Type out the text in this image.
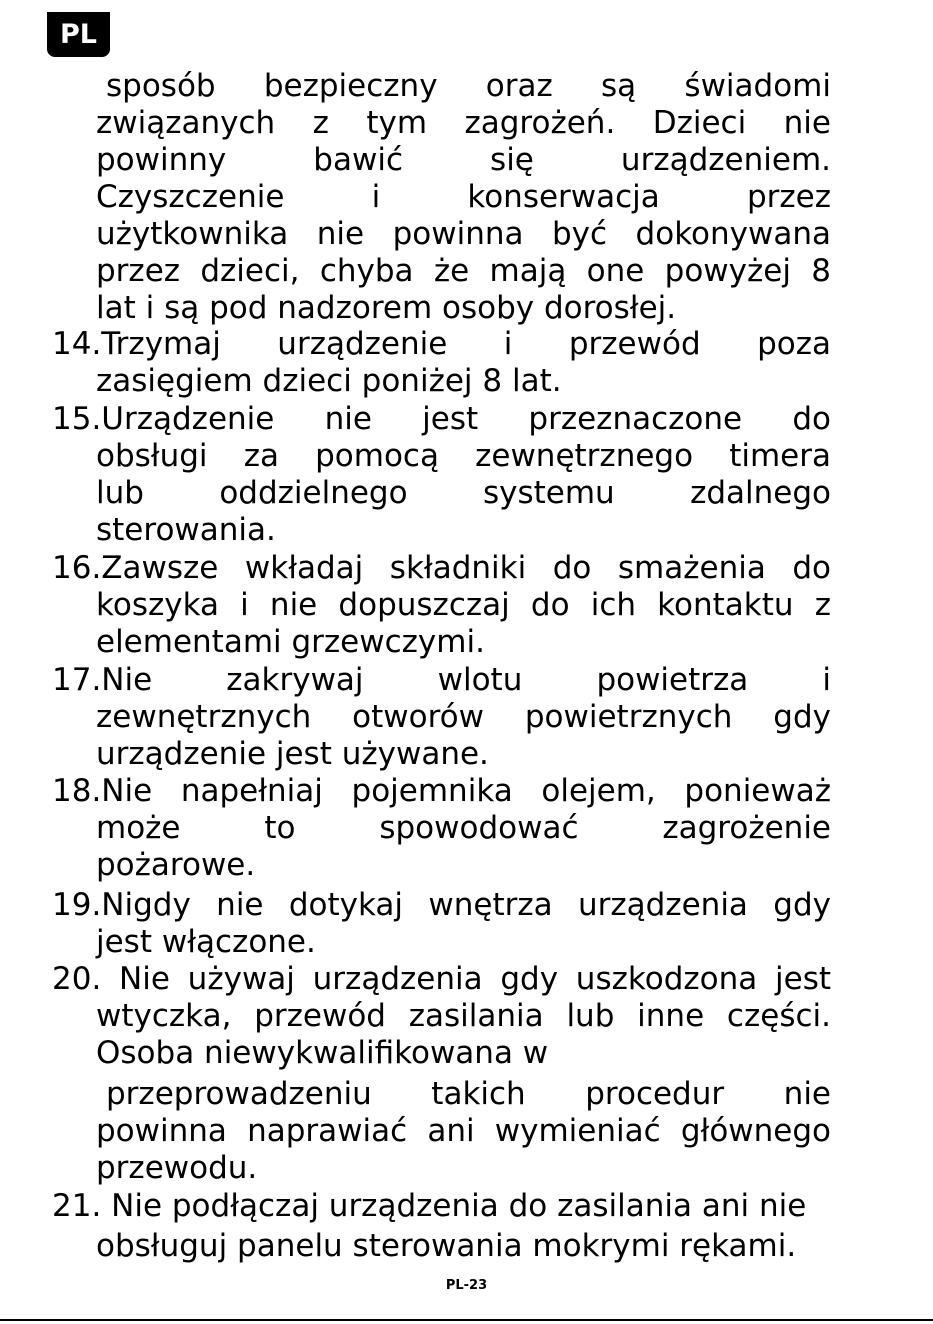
PL
sposób bezpieczny oraz są świadomi
związanych z tym zagrożeń. Dzieci nie
powinny bawić się urządzeniem.
Czyszczenie i konserwacja przez
użytkownika nie powinna być dokonywana
przez dzieci, chyba że mają one powyżej 8
lat i są pod nadzorem osoby dorosłej.
14.Trzymaj urządzenie i przewód poza
zasięgiem dzieci poniżej 8 lat.
15.Urządzenie nie jest przeznaczone do
obsługi za pomocą zewnętrznego timera
lub oddzielnego systemu zdalnego
sterowania.
16.Zawsze wkładaj składniki do smażenia do
koszyka i nie dopuszczaj do ich kontaktu z
elementami grzewczymi.
17.Nie zakrywaj wlotu powietrza i
zewnętrznych otworów powietrznych gdy
urządzenie jest używane.
18.Nie napełniaj pojemnika olejem, ponieważ
może to spowodować zagrożenie
pożarowe.
19.Nigdy nie dotykaj wnętrza urządzenia gdy
jest włączone.
20. Nie używaj urządzenia gdy uszkodzona jest
wtyczka, przewód zasilania lub inne części.
Osoba niewykwalifikowana w
przeprowadzeniu takich procedur nie
powinna naprawiać ani wymieniać głównego
przewodu.
21. Nie podłączaj urządzenia do zasilania ani nie
obsługuj panelu sterowania mokrymi rękami.
PL-23
